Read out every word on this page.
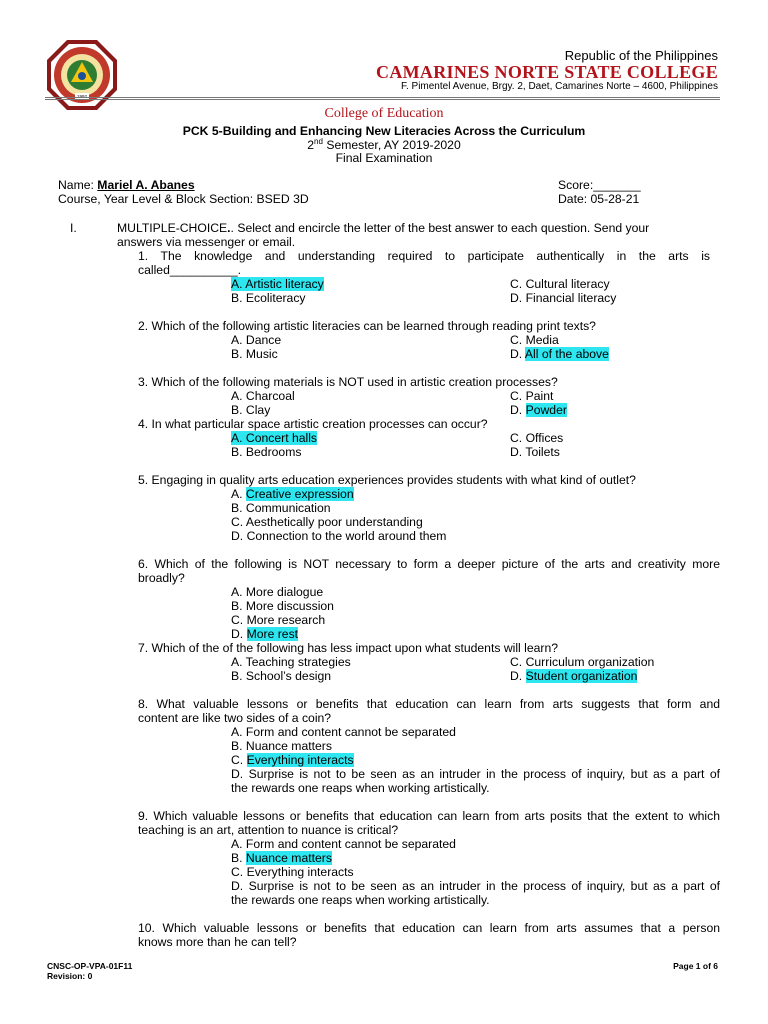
Republic of the Philippines
CAMARINES NORTE STATE COLLEGE
F. Pimentel Avenue, Brgy. 2, Daet, Camarines Norte – 4600, Philippines
College of Education
PCK 5-Building and Enhancing New Literacies Across the Curriculum
2nd Semester, AY 2019-2020
Final Examination
Name: Mariel A. Abanes	Score:_______
Course, Year Level & Block Section: BSED 3D	Date: 05-28-21
I.	MULTIPLE-CHOICE.. Select and encircle the letter of the best answer to each question. Send your
answers via messenger or email.
1. The knowledge and understanding required to participate authentically in the arts is
called__________.
A. Artistic literacy	C. Cultural literacy
B. Ecoliteracy	D. Financial literacy
2. Which of the following artistic literacies can be learned through reading print texts?
A. Dance	C. Media
B. Music	D. All of the above
3. Which of the following materials is NOT used in artistic creation processes?
A. Charcoal	C. Paint
B. Clay	D. Powder
4. In what particular space artistic creation processes can occur?
A. Concert halls	C. Offices
B. Bedrooms	D. Toilets
5. Engaging in quality arts education experiences provides students with what kind of outlet?
A. Creative expression
B. Communication
C. Aesthetically poor understanding
D. Connection to the world around them
6. Which of the following is NOT necessary to form a deeper picture of the arts and creativity more
broadly?
A. More dialogue
B. More discussion
C. More research
D. More rest
7. Which of the of the following has less impact upon what students will learn?
A. Teaching strategies	C. Curriculum organization
B. School’s design	D. Student organization
8. What valuable lessons or benefits that education can learn from arts suggests that form and
content are like two sides of a coin?
A. Form and content cannot be separated
B. Nuance matters
C. Everything interacts
D. Surprise is not to be seen as an intruder in the process of inquiry, but as a part of
the rewards one reaps when working artistically.
9. Which valuable lessons or benefits that education can learn from arts posits that the extent to which
teaching is an art, attention to nuance is critical?
A. Form and content cannot be separated
B. Nuance matters
C. Everything interacts
D. Surprise is not to be seen as an intruder in the process of inquiry, but as a part of
the rewards one reaps when working artistically.
10. Which valuable lessons or benefits that education can learn from arts assumes that a person
knows more than he can tell?
CNSC-OP-VPA-01F11
Revision: 0
Page 1 of 6
